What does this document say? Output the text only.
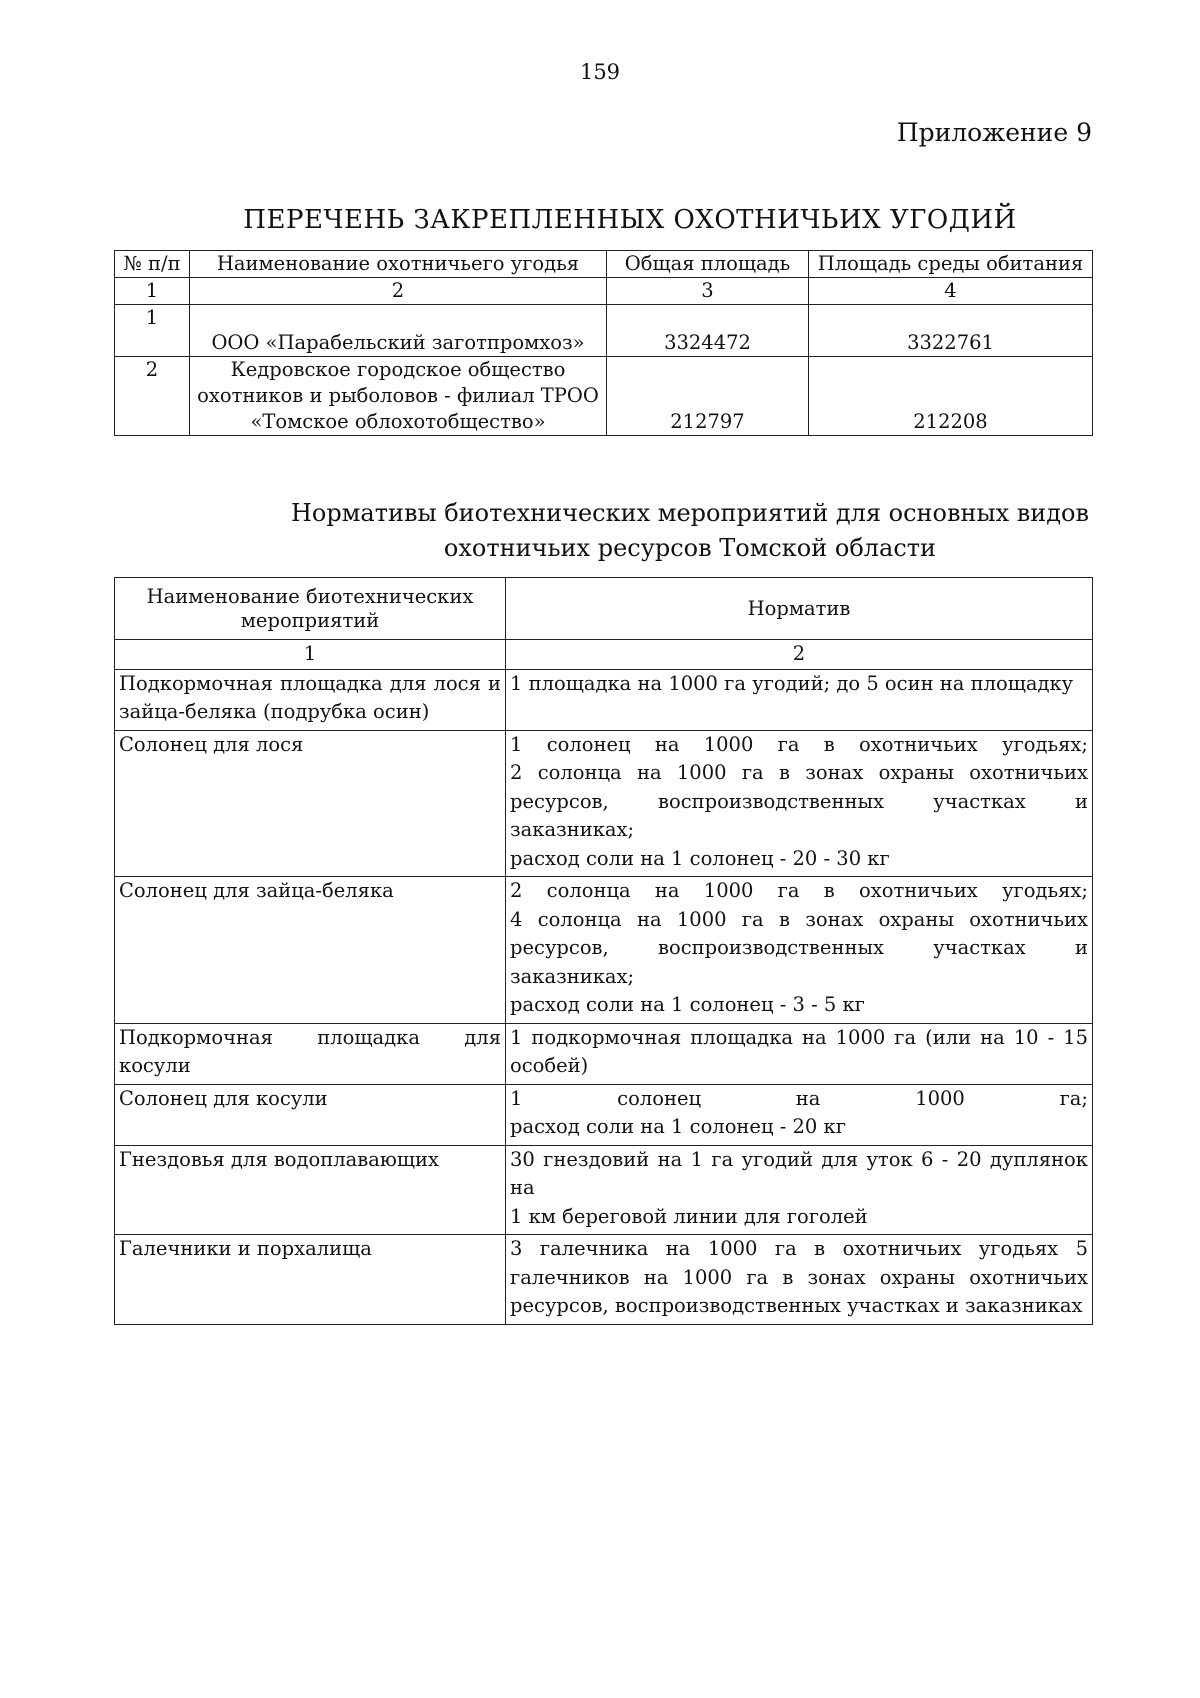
159
Приложение 9
ПЕРЕЧЕНЬ ЗАКРЕПЛЕННЫХ ОХОТНИЧЬИХ УГОДИЙ
№ п/п	Наименование охотничьего угодья	Общая площадь	Площадь среды обитания
1	2	3	4
1	ООО «Парабельский заготпромхоз»	3324472	3322761
2	Кедровское городское общество
охотников и рыболовов - филиал ТРОО
«Томское облохотобщество»	212797	212208
Нормативы биотехнических мероприятий для основных видов
охотничьих ресурсов Томской области
Наименование биотехнических мероприятий	Норматив
1	2

Подкормочная площадка для лося и
зайца-беляка (подрубка осин)	1 площадка на 1000 га угодий; до 5 осин на площадку

Солонец для лося	1 солонец на 1000 га в охотничьих угодьях;
2 солонца на 1000 га в зонах охраны охотничьих
ресурсов, воспроизводственных участках и заказниках;
расход соли на 1 солонец - 20 - 30 кг

Солонец для зайца-беляка	2 солонца на 1000 га в охотничьих угодьях;
4 солонца на 1000 га в зонах охраны охотничьих
ресурсов, воспроизводственных участках и заказниках;
расход соли на 1 солонец - 3 - 5 кг

Подкормочная площадка для косули	1 подкормочная площадка на 1000 га (или на 10 - 15
особей)

Солонец для косули	1 солонец на 1000 га;
расход соли на 1 солонец - 20 кг

Гнездовья для водоплавающих	30 гнездовий на 1 га угодий для уток 6 - 20 дуплянок на
1 км береговой линии для гоголей

Галечники и порхалища	3 галечника на 1000 га в охотничьих угодьях 5
галечников на 1000 га в зонах охраны охотничьих
ресурсов, воспроизводственных участках и заказниках
